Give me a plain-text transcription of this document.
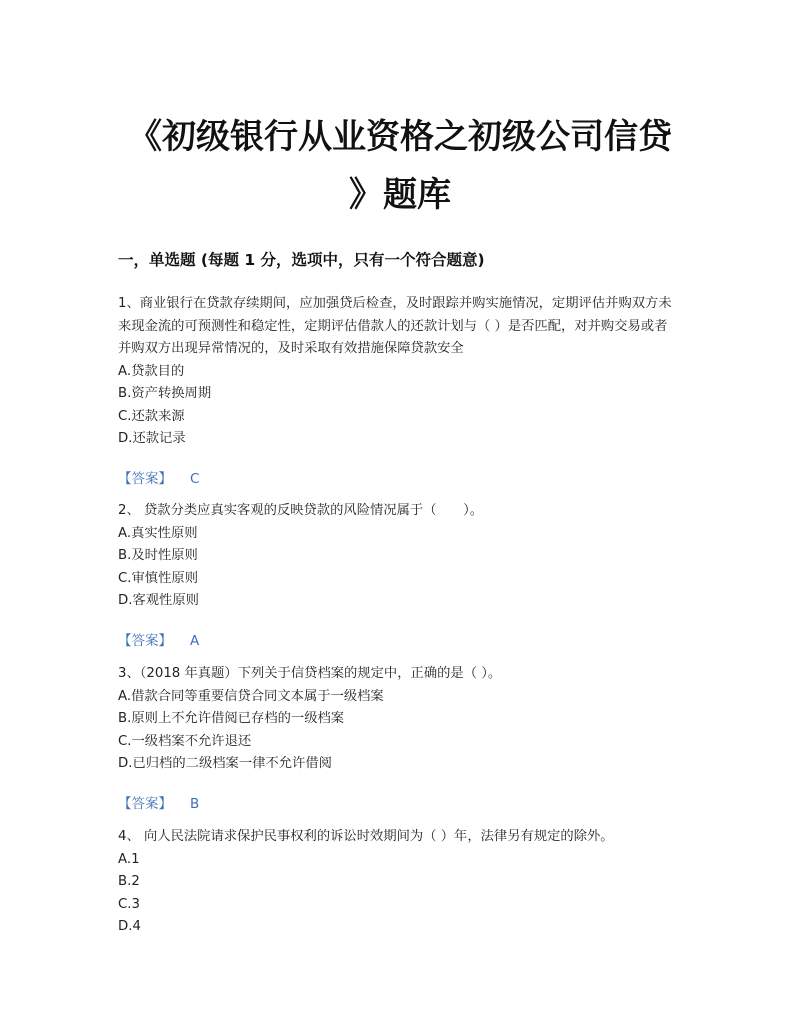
《初级银行从业资格之初级公司信贷
》题库
一，单选题 (每题 1 分，选项中，只有一个符合题意)
1、商业银行在贷款存续期间，应加强贷后检查，及时跟踪并购实施情况，定期评估并购双方未来现金流的可预测性和稳定性，定期评估借款人的还款计划与（ ）是否匹配，对并购交易或者并购双方出现异常情况的，及时采取有效措施保障贷款安全
A.贷款目的
B.资产转换周期
C.还款来源
D.还款记录
【答案】 C
2、 贷款分类应真实客观的反映贷款的风险情况属于（　　）。
A.真实性原则
B.及时性原则
C.审慎性原则
D.客观性原则
【答案】 A
3、（2018 年真题）下列关于信贷档案的规定中，正确的是（ ）。
A.借款合同等重要信贷合同文本属于一级档案
B.原则上不允许借阅已存档的一级档案
C.一级档案不允许退还
D.已归档的二级档案一律不允许借阅
【答案】 B
4、 向人民法院请求保护民事权利的诉讼时效期间为（ ）年，法律另有规定的除外。
A.1
B.2
C.3
D.4
